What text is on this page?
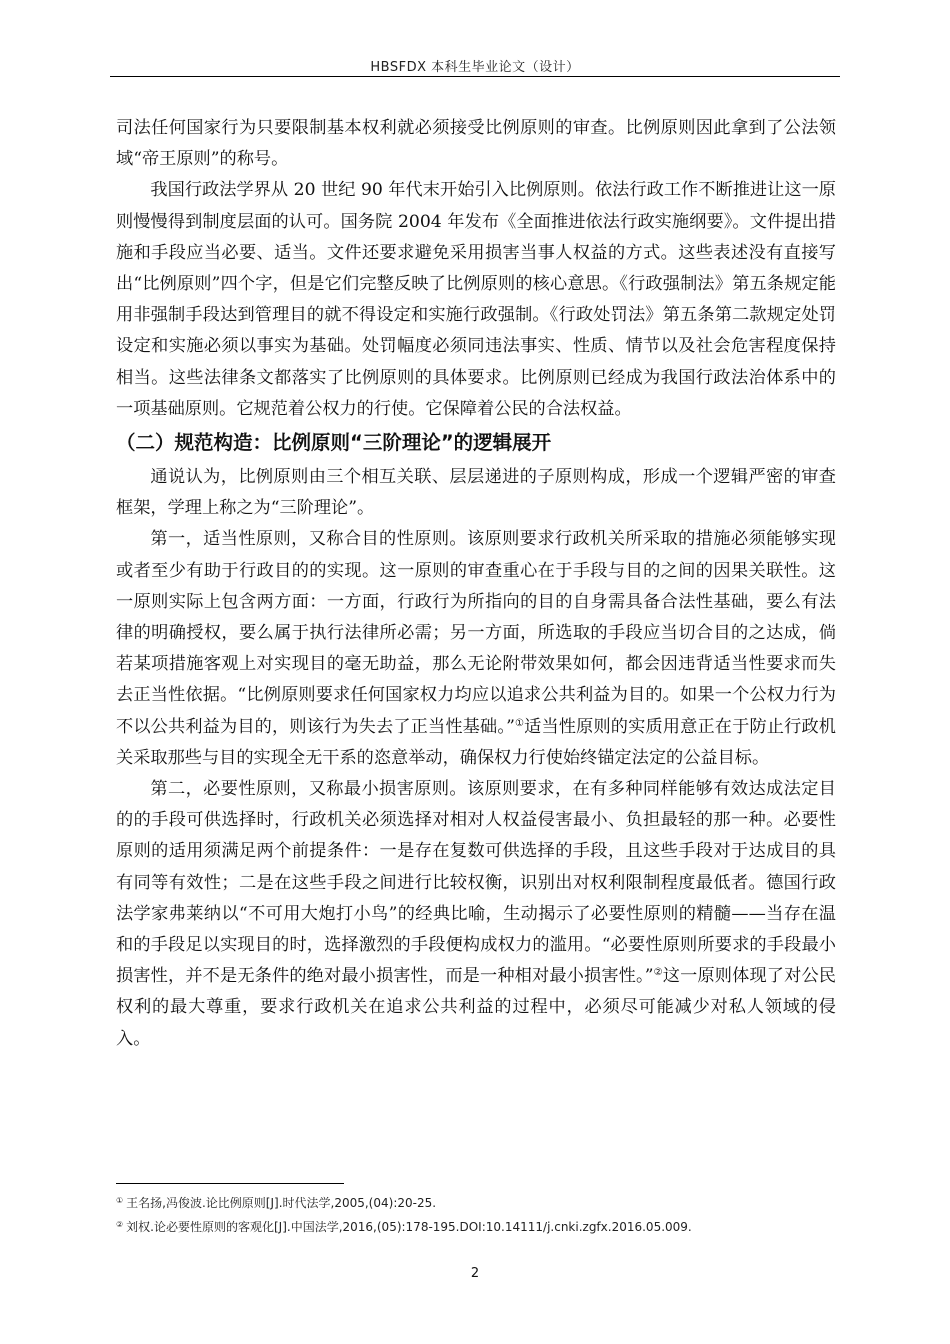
HBSFDX 本科生毕业论文（设计）

司法任何国家行为只要限制基本权利就必须接受比例原则的审查。比例原则因此拿到了公法领域“帝王原则”的称号。

我国行政法学界从 20 世纪 90 年代末开始引入比例原则。依法行政工作不断推进让这一原则慢慢得到制度层面的认可。国务院 2004 年发布《全面推进依法行政实施纲要》。文件提出措施和手段应当必要、适当。文件还要求避免采用损害当事人权益的方式。这些表述没有直接写出“比例原则”四个字，但是它们完整反映了比例原则的核心意思。《行政强制法》第五条规定能用非强制手段达到管理目的就不得设定和实施行政强制。《行政处罚法》第五条第二款规定处罚设定和实施必须以事实为基础。处罚幅度必须同违法事实、性质、情节以及社会危害程度保持相当。这些法律条文都落实了比例原则的具体要求。比例原则已经成为我国行政法治体系中的一项基础原则。它规范着公权力的行使。它保障着公民的合法权益。

（二）规范构造：比例原则“三阶理论”的逻辑展开

通说认为，比例原则由三个相互关联、层层递进的子原则构成，形成一个逻辑严密的审查框架，学理上称之为“三阶理论”。

第一，适当性原则，又称合目的性原则。该原则要求行政机关所采取的措施必须能够实现或者至少有助于行政目的的实现。这一原则的审查重心在于手段与目的之间的因果关联性。这一原则实际上包含两方面：一方面，行政行为所指向的目的自身需具备合法性基础，要么有法律的明确授权，要么属于执行法律所必需；另一方面，所选取的手段应当切合目的之达成，倘若某项措施客观上对实现目的毫无助益，那么无论附带效果如何，都会因违背适当性要求而失去正当性依据。“比例原则要求任何国家权力均应以追求公共利益为目的。如果一个公权力行为不以公共利益为目的，则该行为失去了正当性基础。”①适当性原则的实质用意正在于防止行政机关采取那些与目的实现全无干系的恣意举动，确保权力行使始终锚定法定的公益目标。

第二，必要性原则，又称最小损害原则。该原则要求，在有多种同样能够有效达成法定目的的手段可供选择时，行政机关必须选择对相对人权益侵害最小、负担最轻的那一种。必要性原则的适用须满足两个前提条件：一是存在复数可供选择的手段，且这些手段对于达成目的具有同等有效性；二是在这些手段之间进行比较权衡，识别出对权利限制程度最低者。德国行政法学家弗莱纳以“不可用大炮打小鸟”的经典比喻，生动揭示了必要性原则的精髓——当存在温和的手段足以实现目的时，选择激烈的手段便构成权力的滥用。“必要性原则所要求的手段最小损害性，并不是无条件的绝对最小损害性，而是一种相对最小损害性。”②这一原则体现了对公民权利的最大尊重，要求行政机关在追求公共利益的过程中，必须尽可能减少对私人领域的侵入。

① 王名扬,冯俊波.论比例原则[J].时代法学,2005,(04):20-25.
② 刘权.论必要性原则的客观化[J].中国法学,2016,(05):178-195.DOI:10.14111/j.cnki.zgfx.2016.05.009.
2
